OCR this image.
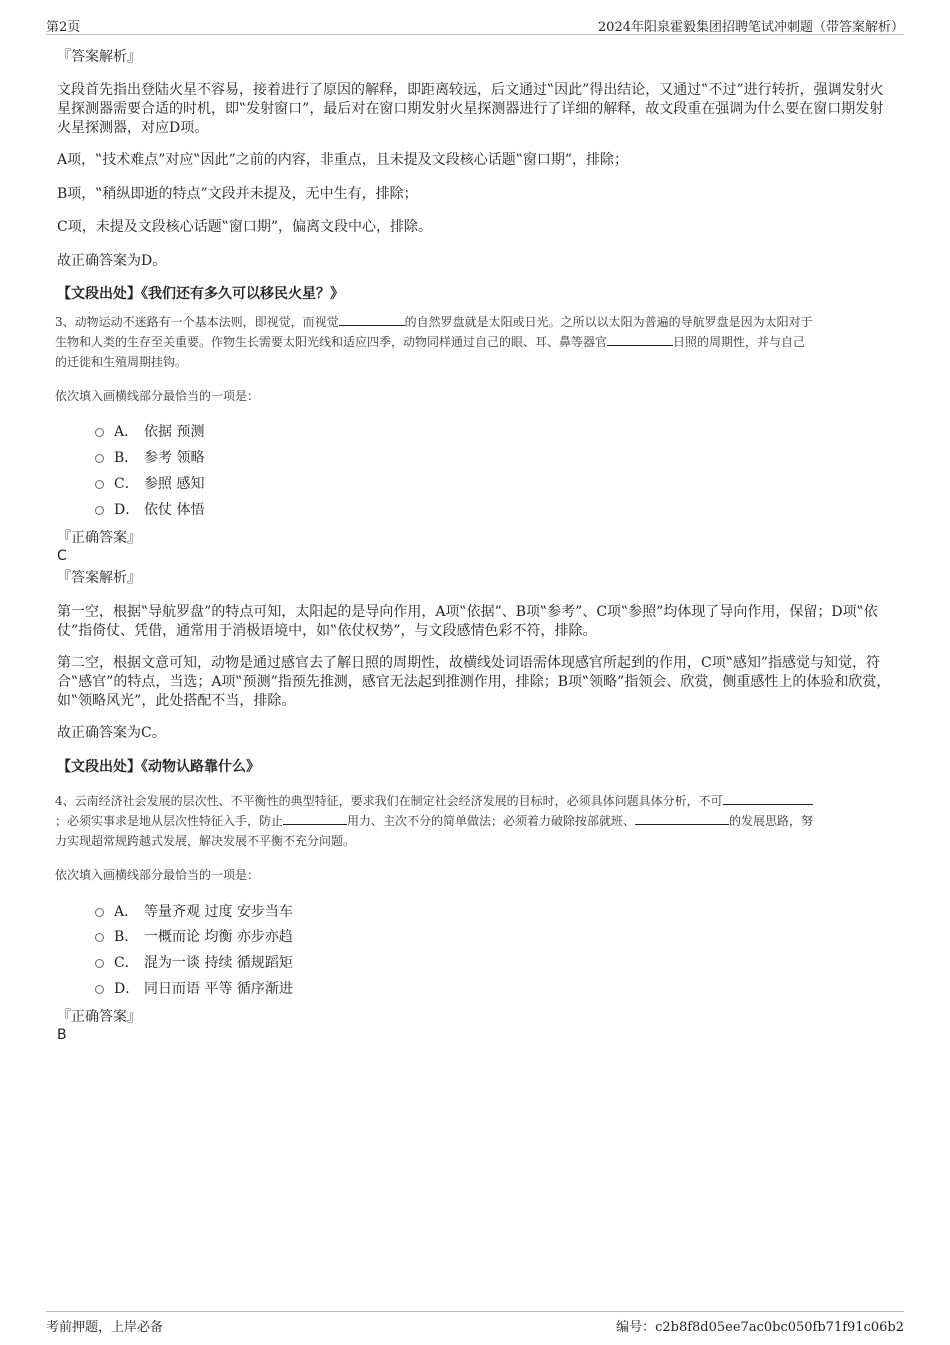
第2页	2024年阳泉霍毅集团招聘笔试冲刺题（带答案解析）
『答案解析』
文段首先指出登陆火星不容易，接着进行了原因的解释，即距离较远，后文通过‟因此”得出结论，又通过‟不过”进行转折，强调发射火星探测器需要合适的时机，即‟发射窗口”，最后对在窗口期发射火星探测器进行了详细的解释，故文段重在强调为什么要在窗口期发射火星探测器，对应D项。
A项，‟技术难点”对应‟因此”之前的内容，非重点，且未提及文段核心话题‟窗口期”，排除；
B项，‟稍纵即逝的特点”文段并未提及，无中生有，排除；
C项，未提及文段核心话题‟窗口期”，偏离文段中心，排除。
故正确答案为D。
【文段出处】《我们还有多久可以移民火星？》
3、动物运动不迷路有一个基本法则，即视觉，而视觉	的自然罗盘就是太阳或日光。之所以以太阳为普遍的导航罗盘是因为太阳对于
生物和人类的生存至关重要。作物生长需要太阳光线和适应四季，动物同样通过自己的眼、耳、鼻等器官	日照的周期性，并与自己
的迁徙和生殖周期挂钩。
依次填入画横线部分最恰当的一项是：
A． 依据 预测
B． 参考 领略
C． 参照 感知
D． 依仗 体悟
『正确答案』
C
『答案解析』
第一空，根据‟导航罗盘”的特点可知，太阳起的是导向作用，A项‟依据”、B项‟参考”、C项‟参照”均体现了导向作用，保留；D项‟依仗”指倚仗、凭借，通常用于消极语境中，如‟依仗权势”，与文段感情色彩不符，排除。
第二空，根据文意可知，动物是通过感官去了解日照的周期性，故横线处词语需体现感官所起到的作用，C项‟感知”指感觉与知觉，符合‟感官”的特点，当选；A项‟预测”指预先推测，感官无法起到推测作用，排除；B项‟领略”指领会、欣赏，侧重感性上的体验和欣赏，如‟领略风光”，此处搭配不当，排除。
故正确答案为C。
【文段出处】《动物认路靠什么》
4、云南经济社会发展的层次性、不平衡性的典型特征，要求我们在制定社会经济发展的目标时，必须具体问题具体分析，不可
；必须实事求是地从层次性特征入手，防止	用力、主次不分的简单做法；必须着力破除按部就班、	的发展思路，努
力实现超常规跨越式发展，解决发展不平衡不充分问题。
依次填入画横线部分最恰当的一项是：
A． 等量齐观 过度 安步当车
B． 一概而论 均衡 亦步亦趋
C． 混为一谈 持续 循规蹈矩
D． 同日而语 平等 循序渐进
『正确答案』
B
考前押题，上岸必备	编号：c2b8f8d05ee7ac0bc050fb71f91c06b2
